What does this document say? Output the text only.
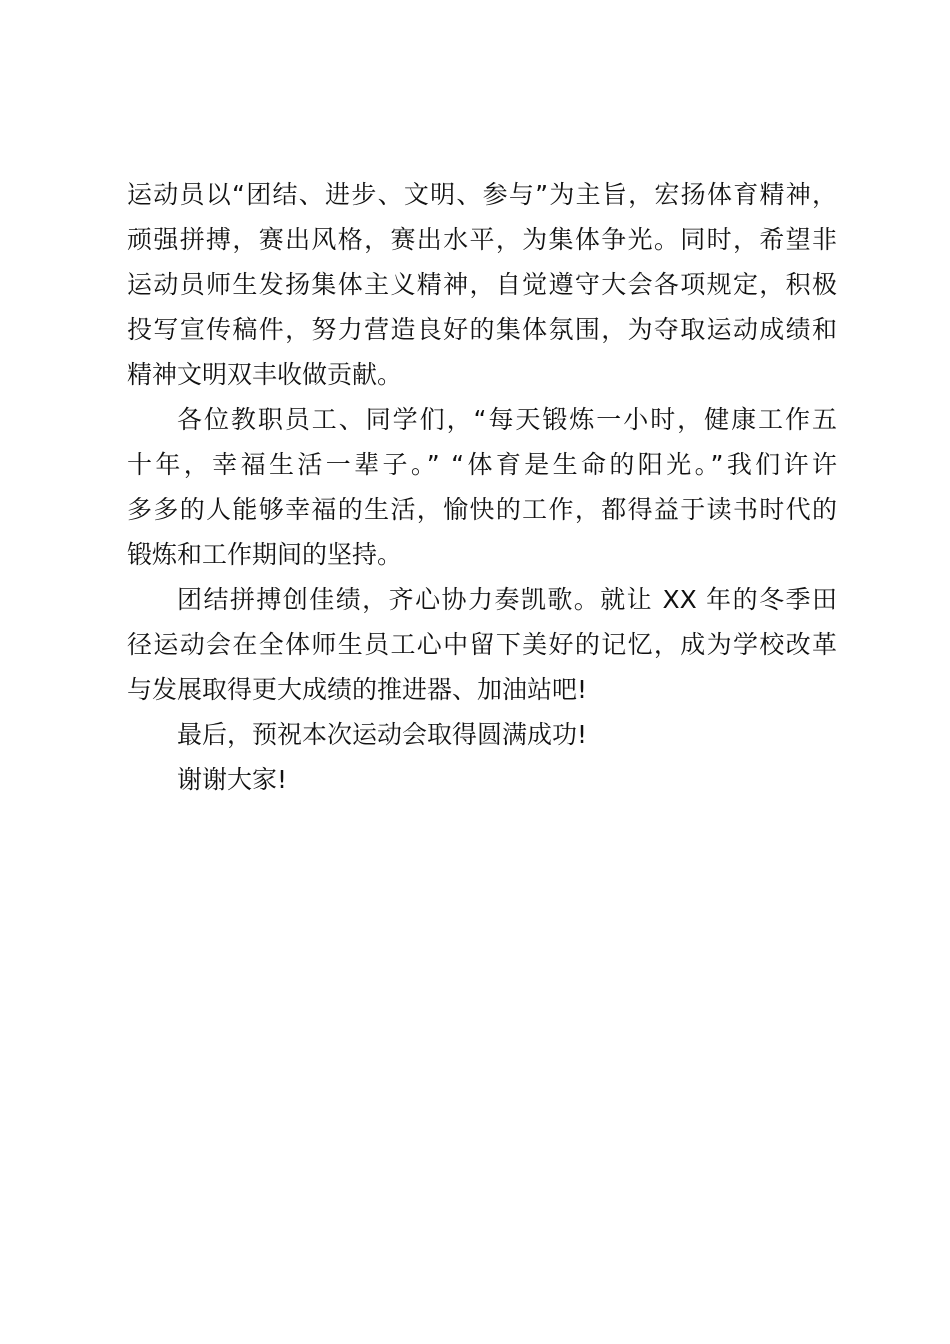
运动员以“团结、进步、文明、参与”为主旨，宏扬体育精神，
顽强拼搏，赛出风格，赛出水平，为集体争光。同时，希望非
运动员师生发扬集体主义精神，自觉遵守大会各项规定，积极
投写宣传稿件，努力营造良好的集体氛围，为夺取运动成绩和
精神文明双丰收做贡献。
各位教职员工、同学们，“每天锻炼一小时，健康工作五
十年，幸福生活一辈子。” “体育是生命的阳光。”我们许许
多多的人能够幸福的生活，愉快的工作，都得益于读书时代的
锻炼和工作期间的坚持。
团结拼搏创佳绩，齐心协力奏凯歌。就让 XX 年的冬季田
径运动会在全体师生员工心中留下美好的记忆，成为学校改革
与发展取得更大成绩的推进器、加油站吧!
最后，预祝本次运动会取得圆满成功!
谢谢大家!
